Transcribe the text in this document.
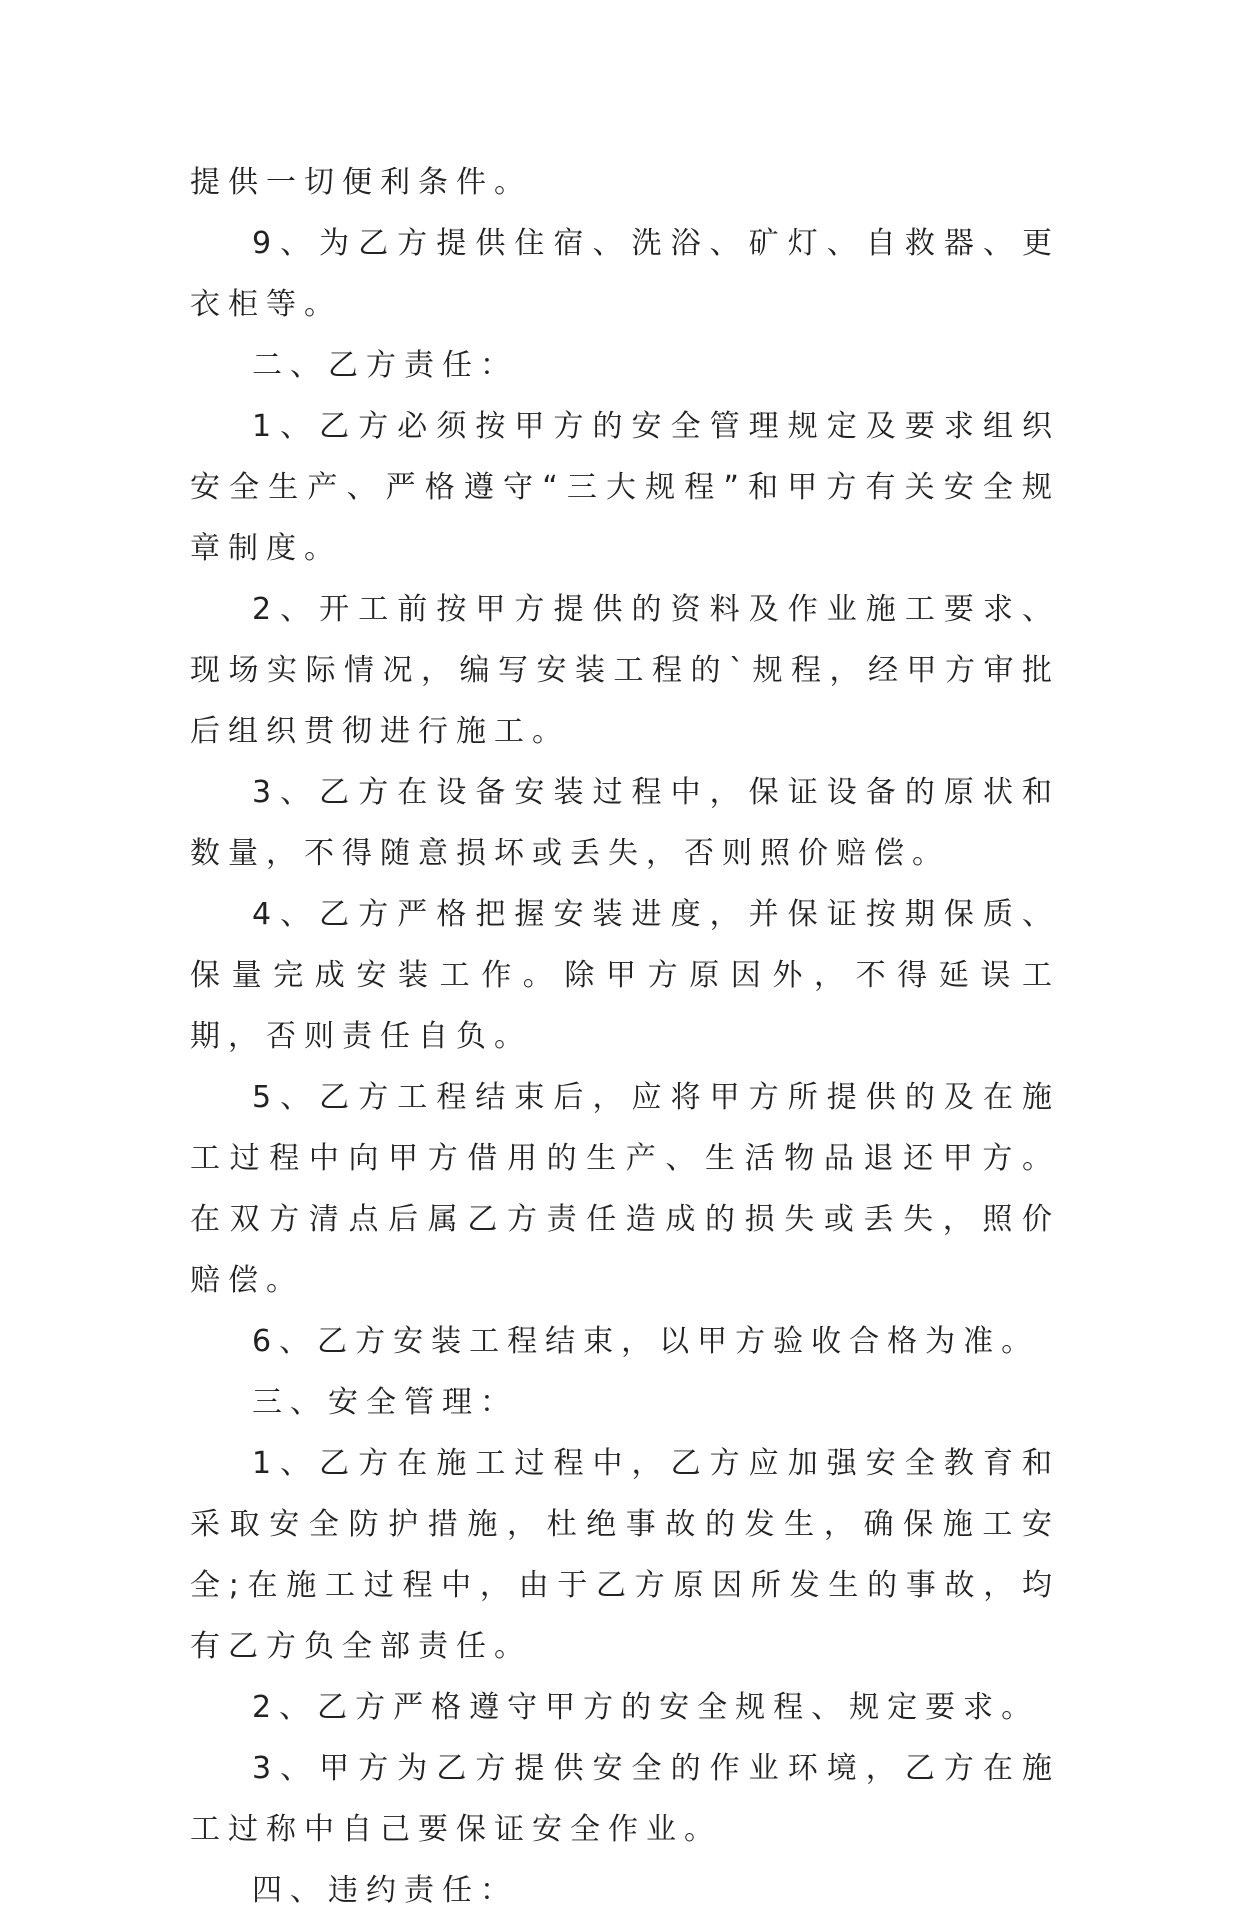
提供一切便利条件。

9、为乙方提供住宿、洗浴、矿灯、自救器、更衣柜等。

二、乙方责任：

1、乙方必须按甲方的安全管理规定及要求组织安全生产、严格遵守“三大规程”和甲方有关安全规章制度。

2、开工前按甲方提供的资料及作业施工要求、现场实际情况，编写安装工程的`规程，经甲方审批后组织贯彻进行施工。

3、乙方在设备安装过程中，保证设备的原状和数量，不得随意损坏或丢失，否则照价赔偿。

4、乙方严格把握安装进度，并保证按期保质、保量完成安装工作。除甲方原因外，不得延误工期，否则责任自负。

5、乙方工程结束后，应将甲方所提供的及在施工过程中向甲方借用的生产、生活物品退还甲方。在双方清点后属乙方责任造成的损失或丢失，照价赔偿。

6、乙方安装工程结束，以甲方验收合格为准。

三、安全管理：

1、乙方在施工过程中，乙方应加强安全教育和采取安全防护措施，杜绝事故的发生，确保施工安全;在施工过程中，由于乙方原因所发生的事故，均有乙方负全部责任。

2、乙方严格遵守甲方的安全规程、规定要求。

3、甲方为乙方提供安全的作业环境，乙方在施工过称中自己要保证安全作业。

四、违约责任：
